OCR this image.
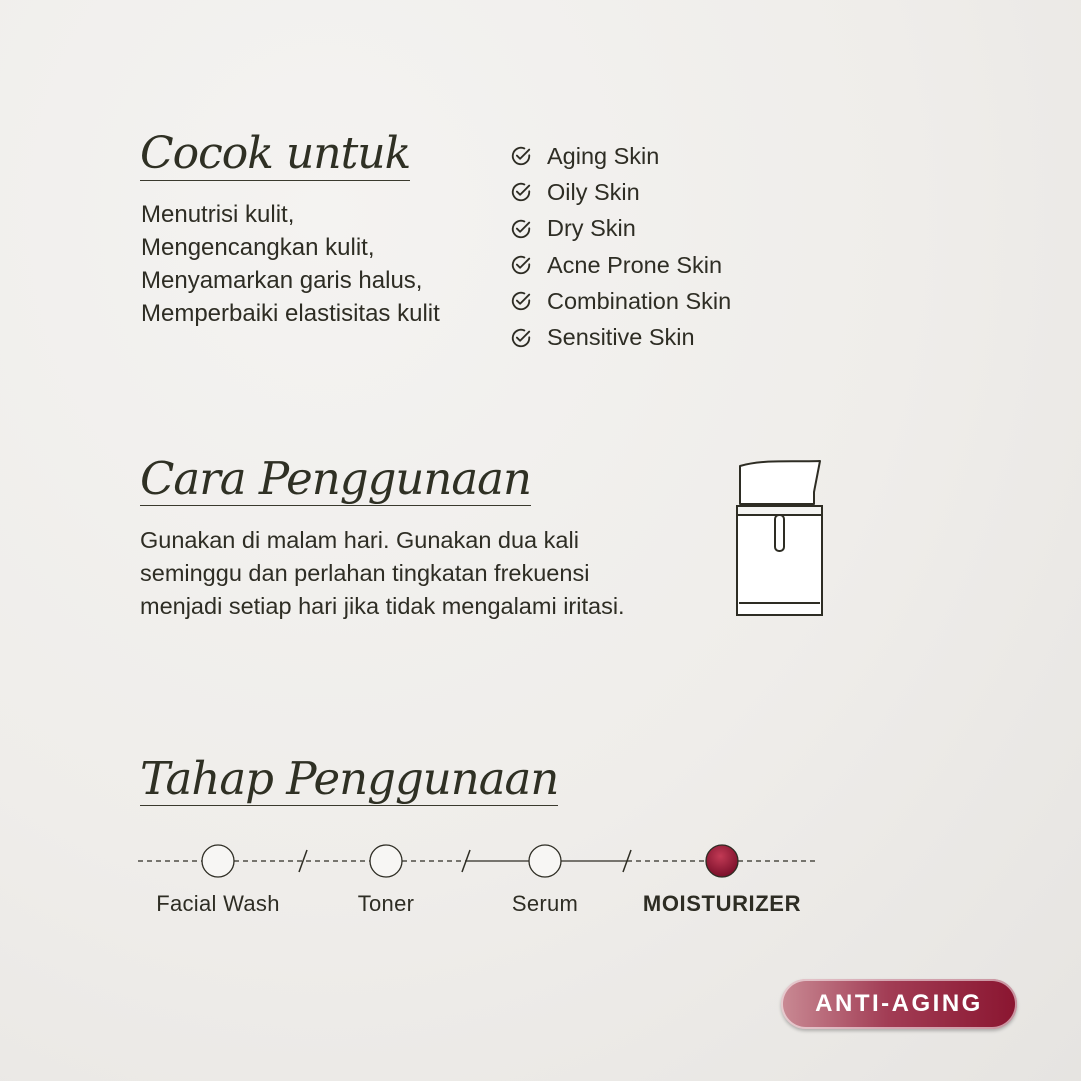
Cocok untuk
Menutrisi kulit,
Mengencangkan kulit,
Menyamarkan garis halus,
Memperbaiki elastisitas kulit
Aging Skin
Oily Skin
Dry Skin
Acne Prone Skin
Combination Skin
Sensitive Skin
Cara Penggunaan

Gunakan di malam hari. Gunakan dua kali
seminggu dan perlahan tingkatan frekuensi
menjadi setiap hari jika tidak mengalami iritasi.

Tahap Penggunaan
Facial Wash	Toner	Serum	MOISTURIZER
ANTI-AGING
